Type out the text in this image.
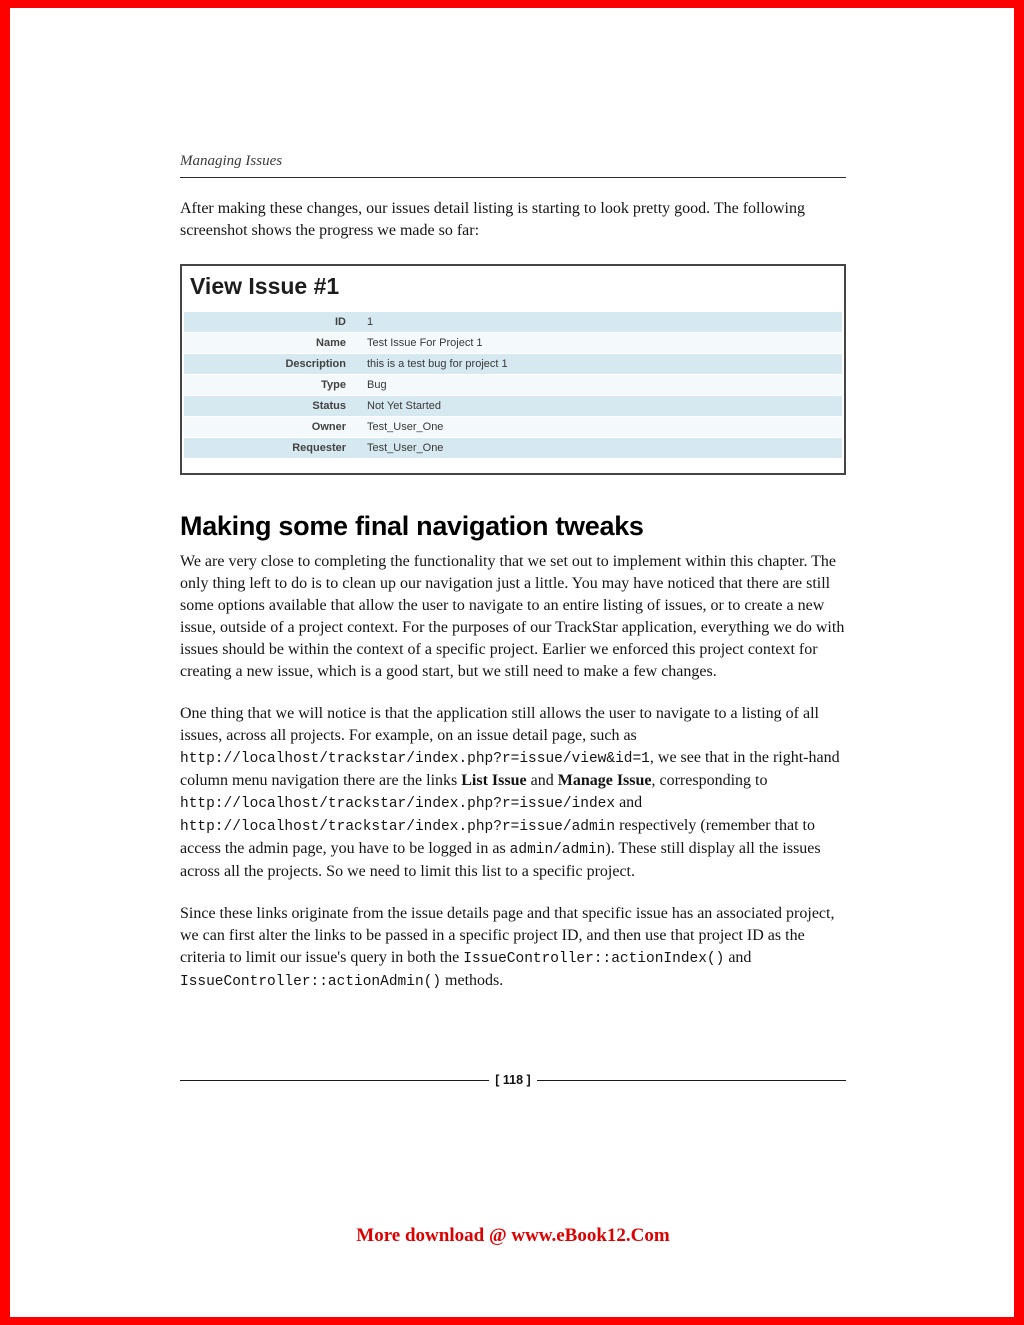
Managing Issues

After making these changes, our issues detail listing is starting to look pretty good. The following screenshot shows the progress we made so far:

View Issue #1
ID	1
Name	Test Issue For Project 1
Description	this is a test bug for project 1
Type	Bug
Status	Not Yet Started
Owner	Test_User_One
Requester	Test_User_One
Making some final navigation tweaks

We are very close to completing the functionality that we set out to implement within this chapter. The only thing left to do is to clean up our navigation just a little. You may have noticed that there are still some options available that allow the user to navigate to an entire listing of issues, or to create a new issue, outside of a project context. For the purposes of our TrackStar application, everything we do with issues should be within the context of a specific project. Earlier we enforced this project context for creating a new issue, which is a good start, but we still need to make a few changes.

One thing that we will notice is that the application still allows the user to navigate to a listing of all issues, across all projects. For example, on an issue detail page, such as http://localhost/trackstar/index.php?r=issue/view&id=1, we see that in the right-hand column menu navigation there are the links List Issue and Manage Issue, corresponding to http://localhost/trackstar/index.php?r=issue/index and http://localhost/trackstar/index.php?r=issue/admin respectively (remember that to access the admin page, you have to be logged in as admin/admin). These still display all the issues across all the projects. So we need to limit this list to a specific project.

Since these links originate from the issue details page and that specific issue has an associated project, we can first alter the links to be passed in a specific project ID, and then use that project ID as the criteria to limit our issue's query in both the IssueController::actionIndex() and IssueController::actionAdmin() methods.

[ 118 ]
More download @ www.eBook12.Com
